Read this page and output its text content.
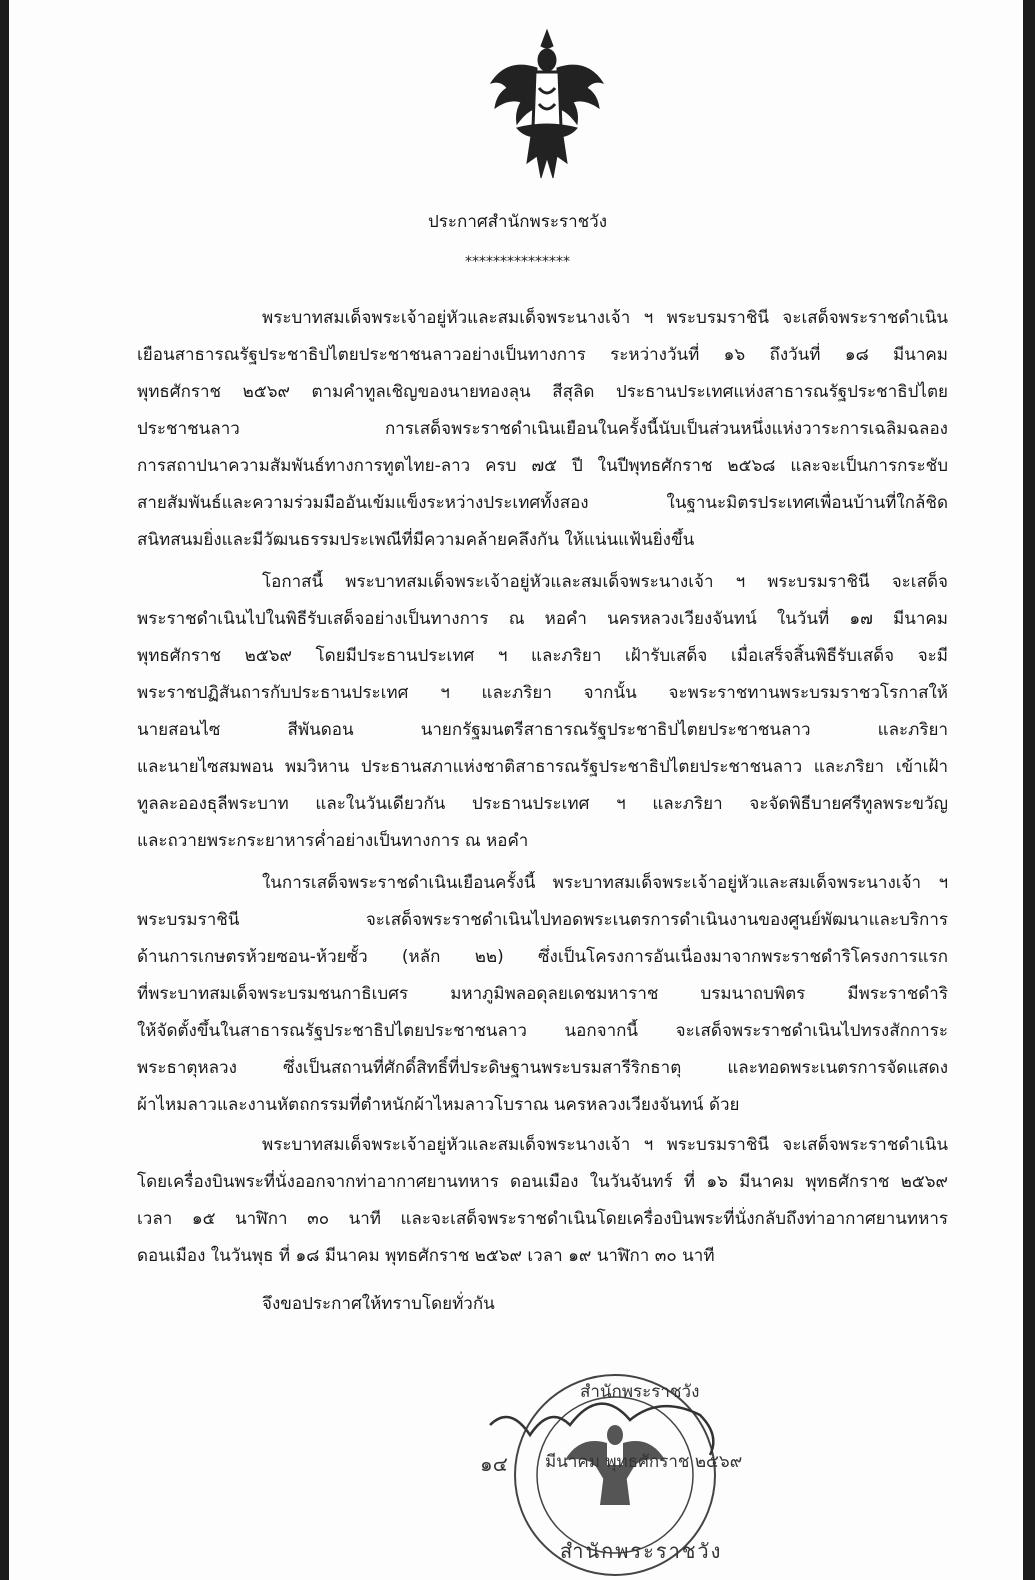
ประกาศสำนักพระราชวัง
***************
พระบาทสมเด็จพระเจ้าอยู่หัวและสมเด็จพระนางเจ้า ฯ พระบรมราชินี จะเสด็จพระราชดำเนิน
เยือนสาธารณรัฐประชาธิปไตยประชาชนลาวอย่างเป็นทางการ ระหว่างวันที่ ๑๖ ถึงวันที่ ๑๘ มีนาคม
พุทธศักราช ๒๕๖๙ ตามคำทูลเชิญของนายทองลุน สีสุลิด ประธานประเทศแห่งสาธารณรัฐประชาธิปไตย
ประชาชนลาว การเสด็จพระราชดำเนินเยือนในครั้งนี้นับเป็นส่วนหนึ่งแห่งวาระการเฉลิมฉลอง
การสถาปนาความสัมพันธ์ทางการทูตไทย-ลาว ครบ ๗๕ ปี ในปีพุทธศักราช ๒๕๖๘ และจะเป็นการกระชับ
สายสัมพันธ์และความร่วมมืออันเข้มแข็งระหว่างประเทศทั้งสอง ในฐานะมิตรประเทศเพื่อนบ้านที่ใกล้ชิด
สนิทสนมยิ่งและมีวัฒนธรรมประเพณีที่มีความคล้ายคลึงกัน ให้แน่นแฟ้นยิ่งขึ้น
โอกาสนี้ พระบาทสมเด็จพระเจ้าอยู่หัวและสมเด็จพระนางเจ้า ฯ พระบรมราชินี จะเสด็จ
พระราชดำเนินไปในพิธีรับเสด็จอย่างเป็นทางการ ณ หอคำ นครหลวงเวียงจันทน์ ในวันที่ ๑๗ มีนาคม
พุทธศักราช ๒๕๖๙ โดยมีประธานประเทศ ฯ และภริยา เฝ้ารับเสด็จ เมื่อเสร็จสิ้นพิธีรับเสด็จ จะมี
พระราชปฏิสันถารกับประธานประเทศ ฯ และภริยา จากนั้น จะพระราชทานพระบรมราชวโรกาสให้
นายสอนไซ สีพันดอน นายกรัฐมนตรีสาธารณรัฐประชาธิปไตยประชาชนลาว และภริยา
และนายไซสมพอน พมวิหาน ประธานสภาแห่งชาติสาธารณรัฐประชาธิปไตยประชาชนลาว และภริยา เข้าเฝ้า
ทูลละอองธุลีพระบาท และในวันเดียวกัน ประธานประเทศ ฯ และภริยา จะจัดพิธีบายศรีทูลพระขวัญ
และถวายพระกระยาหารค่ำอย่างเป็นทางการ ณ หอคำ
ในการเสด็จพระราชดำเนินเยือนครั้งนี้ พระบาทสมเด็จพระเจ้าอยู่หัวและสมเด็จพระนางเจ้า ฯ
พระบรมราชินี จะเสด็จพระราชดำเนินไปทอดพระเนตรการดำเนินงานของศูนย์พัฒนาและบริการ
ด้านการเกษตรห้วยซอน-ห้วยซั้ว (หลัก ๒๒) ซึ่งเป็นโครงการอันเนื่องมาจากพระราชดำริโครงการแรก
ที่พระบาทสมเด็จพระบรมชนกาธิเบศร มหาภูมิพลอดุลยเดชมหาราช บรมนาถบพิตร มีพระราชดำริ
ให้จัดตั้งขึ้นในสาธารณรัฐประชาธิปไตยประชาชนลาว นอกจากนี้ จะเสด็จพระราชดำเนินไปทรงสักการะ
พระธาตุหลวง ซึ่งเป็นสถานที่ศักดิ์สิทธิ์ที่ประดิษฐานพระบรมสารีริกธาตุ และทอดพระเนตรการจัดแสดง
ผ้าไหมลาวและงานหัตถกรรมที่ตำหนักผ้าไหมลาวโบราณ นครหลวงเวียงจันทน์ ด้วย
พระบาทสมเด็จพระเจ้าอยู่หัวและสมเด็จพระนางเจ้า ฯ พระบรมราชินี จะเสด็จพระราชดำเนิน
โดยเครื่องบินพระที่นั่งออกจากท่าอากาศยานทหาร ดอนเมือง ในวันจันทร์ ที่ ๑๖ มีนาคม พุทธศักราช ๒๕๖๙
เวลา ๑๕ นาฬิกา ๓๐ นาที และจะเสด็จพระราชดำเนินโดยเครื่องบินพระที่นั่งกลับถึงท่าอากาศยานทหาร
ดอนเมือง ในวันพุธ ที่ ๑๘ มีนาคม พุทธศักราช ๒๕๖๙ เวลา ๑๙ นาฬิกา ๓๐ นาที
จึงขอประกาศให้ทราบโดยทั่วกัน
สำนักพระราชวัง
๑๔ มีนาคม พุทธศักราช ๒๕๖๙
สำนักพระราชวัง
